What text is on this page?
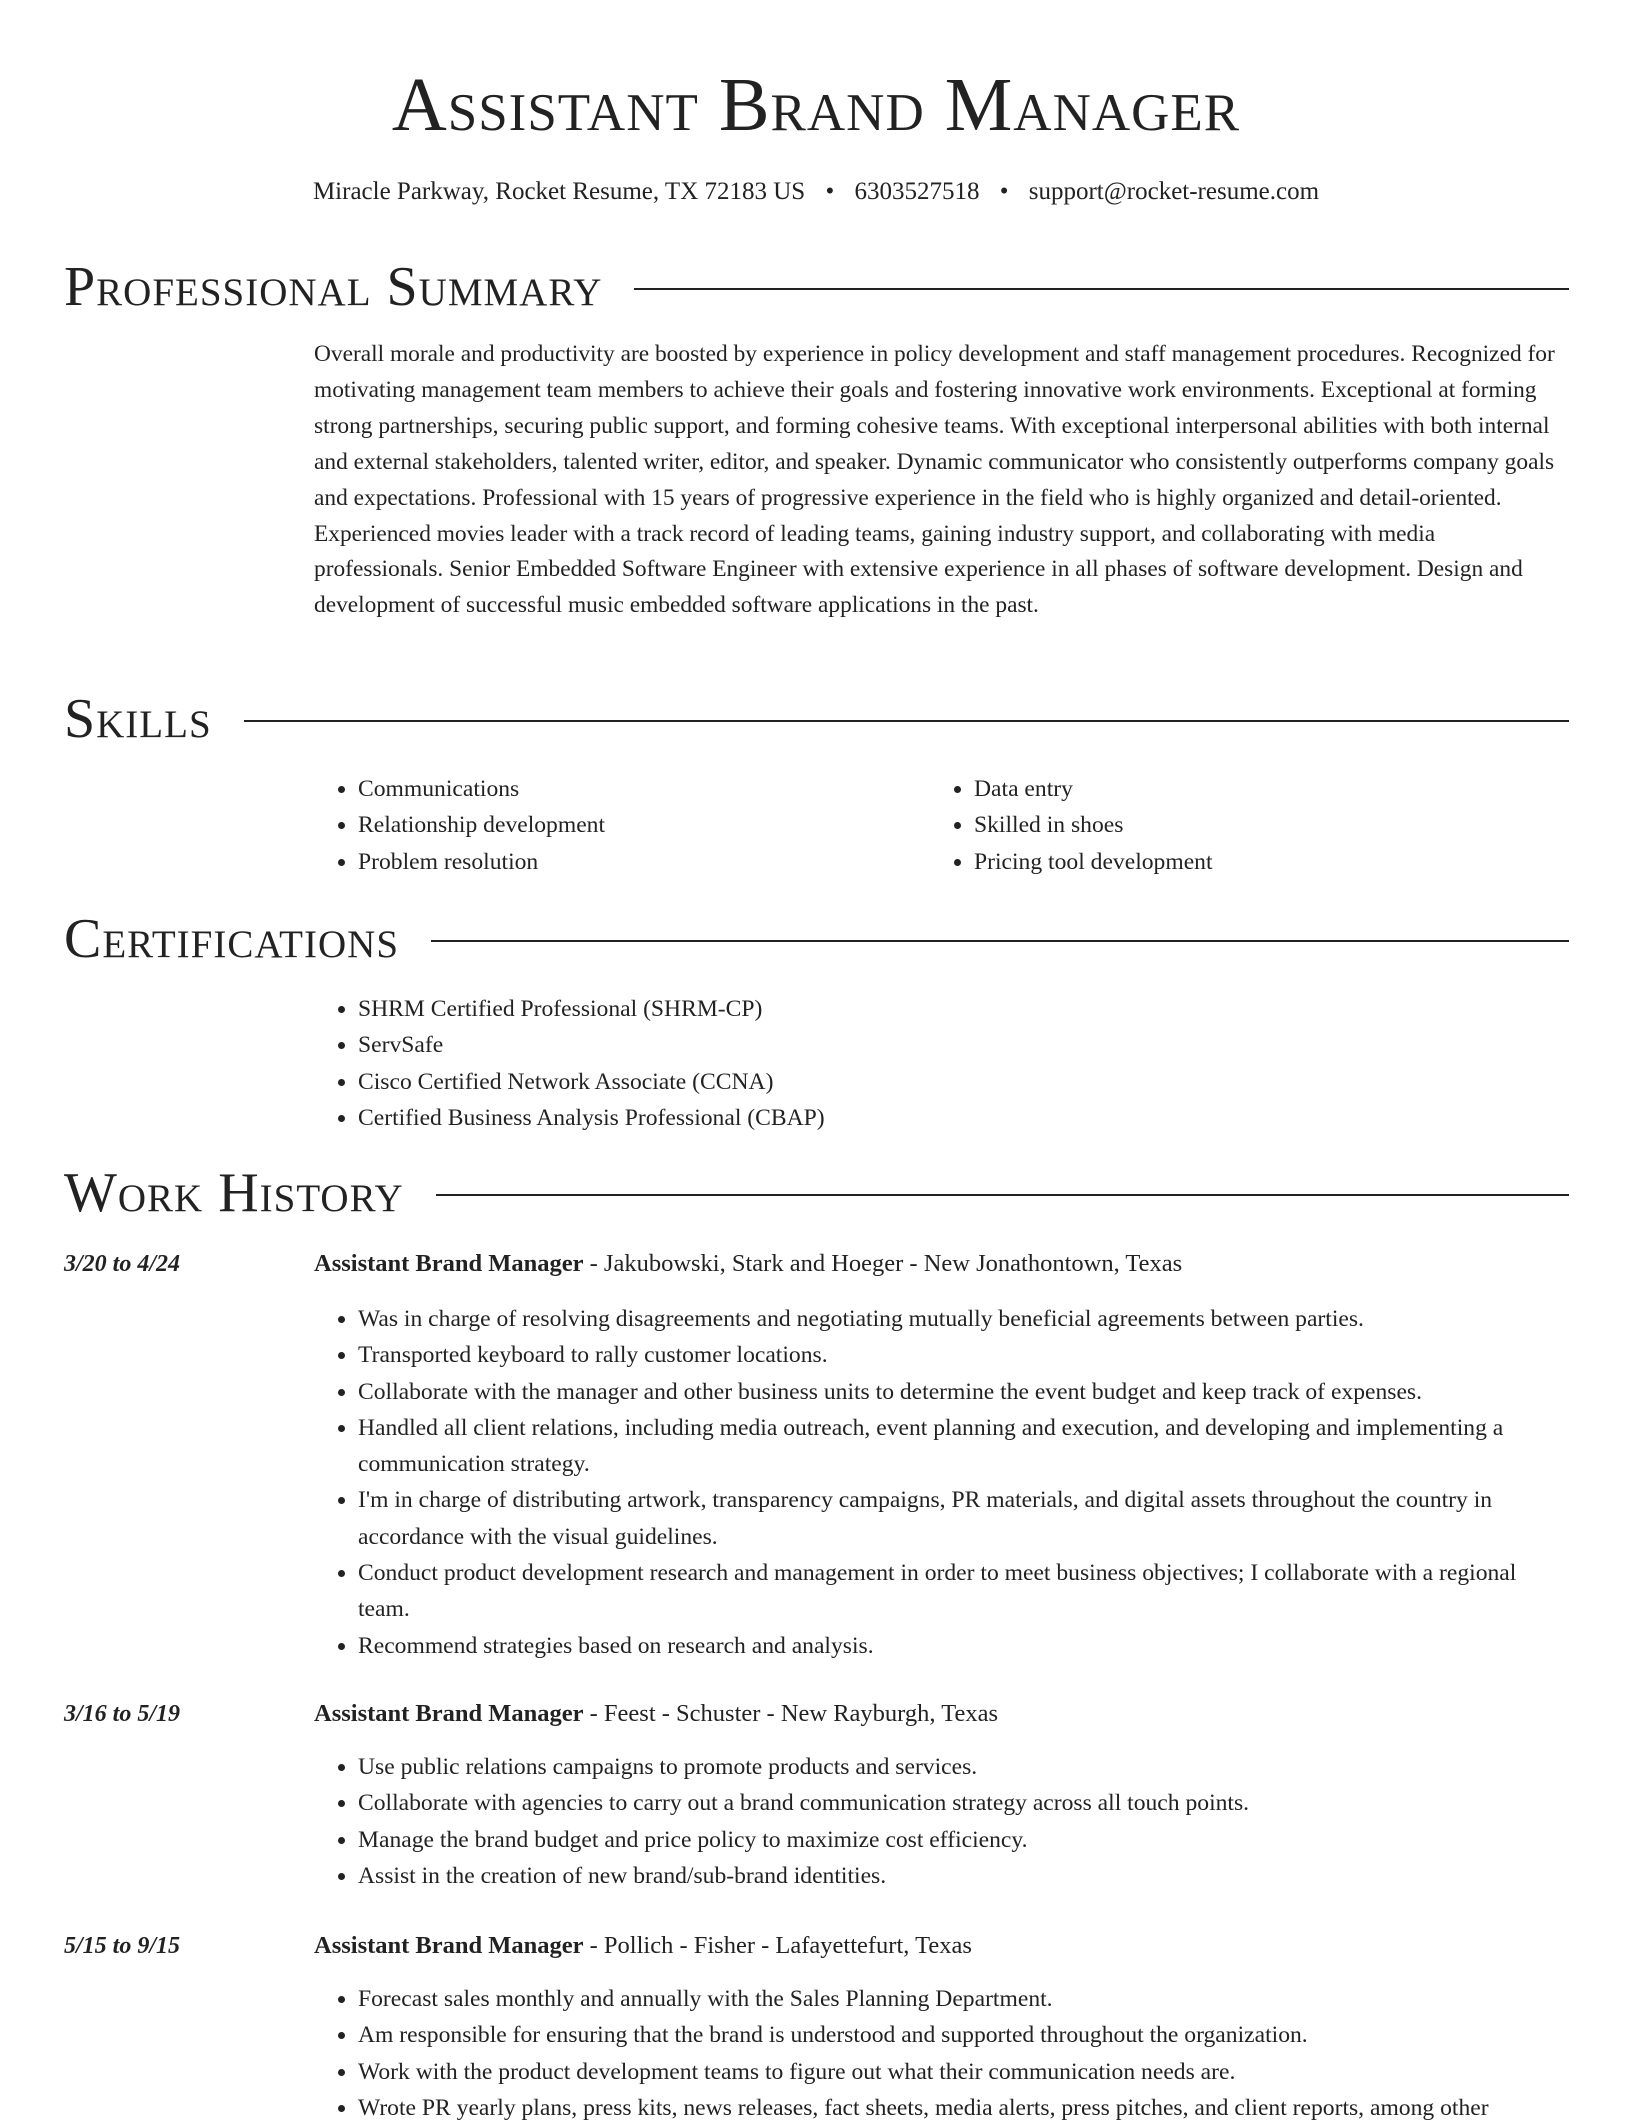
Assistant Brand Manager
Miracle Parkway, Rocket Resume, TX 72183 US • 6303527518 • support@rocket-resume.com
Professional Summary

Overall morale and productivity are boosted by experience in policy development and staff management procedures. Recognized for motivating management team members to achieve their goals and fostering innovative work environments. Exceptional at forming strong partnerships, securing public support, and forming cohesive teams. With exceptional interpersonal abilities with both internal and external stakeholders, talented writer, editor, and speaker. Dynamic communicator who consistently outperforms company goals and expectations. Professional with 15 years of progressive experience in the field who is highly organized and detail-oriented. Experienced movies leader with a track record of leading teams, gaining industry support, and collaborating with media professionals. Senior Embedded Software Engineer with extensive experience in all phases of software development. Design and development of successful music embedded software applications in the past.

Skills
• Communications
• Relationship development
• Problem resolution
• Data entry
• Skilled in shoes
• Pricing tool development
Certifications
• SHRM Certified Professional (SHRM-CP)
• ServSafe
• Cisco Certified Network Associate (CCNA)
• Certified Business Analysis Professional (CBAP)
Work History
3/20 to 4/24	Assistant Brand Manager - Jakubowski, Stark and Hoeger - New Jonathontown, Texas
• Was in charge of resolving disagreements and negotiating mutually beneficial agreements between parties.
• Transported keyboard to rally customer locations.
• Collaborate with the manager and other business units to determine the event budget and keep track of expenses.
• Handled all client relations, including media outreach, event planning and execution, and developing and implementing a communication strategy.
• I'm in charge of distributing artwork, transparency campaigns, PR materials, and digital assets throughout the country in accordance with the visual guidelines.
• Conduct product development research and management in order to meet business objectives; I collaborate with a regional team.
• Recommend strategies based on research and analysis.
3/16 to 5/19	Assistant Brand Manager - Feest - Schuster - New Rayburgh, Texas
• Use public relations campaigns to promote products and services.
• Collaborate with agencies to carry out a brand communication strategy across all touch points.
• Manage the brand budget and price policy to maximize cost efficiency.
• Assist in the creation of new brand/sub-brand identities.
5/15 to 9/15	Assistant Brand Manager - Pollich - Fisher - Lafayettefurt, Texas
• Forecast sales monthly and annually with the Sales Planning Department.
• Am responsible for ensuring that the brand is understood and supported throughout the organization.
• Work with the product development teams to figure out what their communication needs are.
• Wrote PR yearly plans, press kits, news releases, fact sheets, media alerts, press pitches, and client reports, among other
